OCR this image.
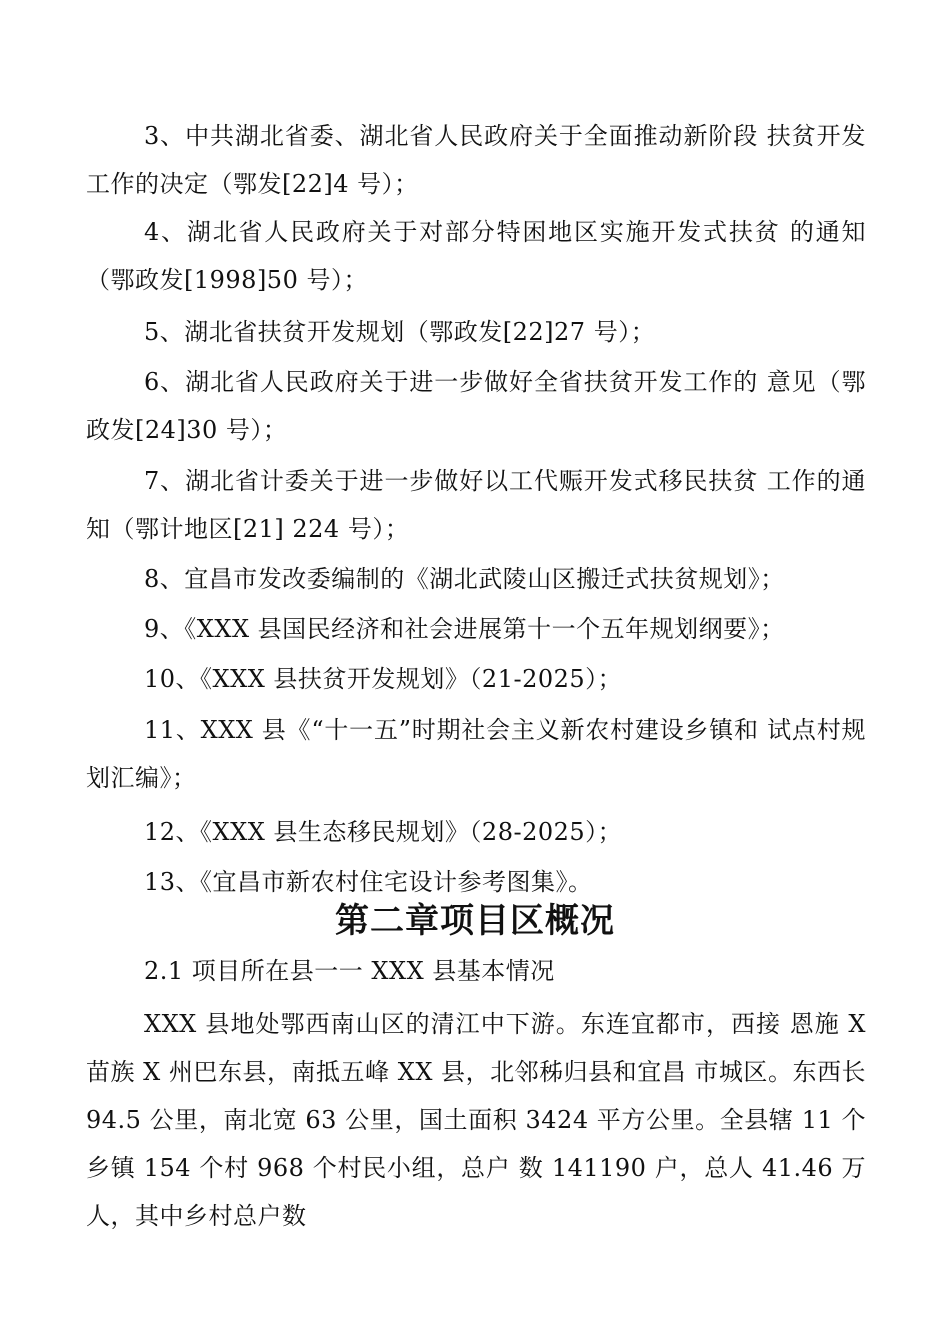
3、中共湖北省委、湖北省人民政府关于全面推动新阶段 扶贫开发工作的决定（鄂发[22]4 号）；

4、湖北省人民政府关于对部分特困地区实施开发式扶贫 的通知（鄂政发[1998]50 号）；

5、湖北省扶贫开发规划（鄂政发[22]27 号）；

6、湖北省人民政府关于进一步做好全省扶贫开发工作的 意见（鄂政发[24]30 号）；

7、湖北省计委关于进一步做好以工代赈开发式移民扶贫 工作的通知（鄂计地区[21] 224 号）；

8、宜昌市发改委编制的《湖北武陵山区搬迁式扶贫规划》；

9、《XXX 县国民经济和社会进展第十一个五年规划纲要》；

10、《XXX 县扶贫开发规划》（21-2025）；

11、XXX 县《“十一五”时期社会主义新农村建设乡镇和 试点村规划汇编》；

12、《XXX 县生态移民规划》（28-2025）；

13、《宜昌市新农村住宅设计参考图集》。

第二章项目区概况

2.1 项目所在县一一 XXX 县基本情况

XXX 县地处鄂西南山区的清江中下游。东连宜都市，西接 恩施 X 苗族 X 州巴东县，南抵五峰 XX 县，北邻秭归县和宜昌 市城区。东西长 94.5 公里，南北宽 63 公里，国土面积 3424 平方公里。全县辖 11 个乡镇 154 个村 968 个村民小组，总户 数 141190 户，总人 41.46 万人，其中乡村总户数
